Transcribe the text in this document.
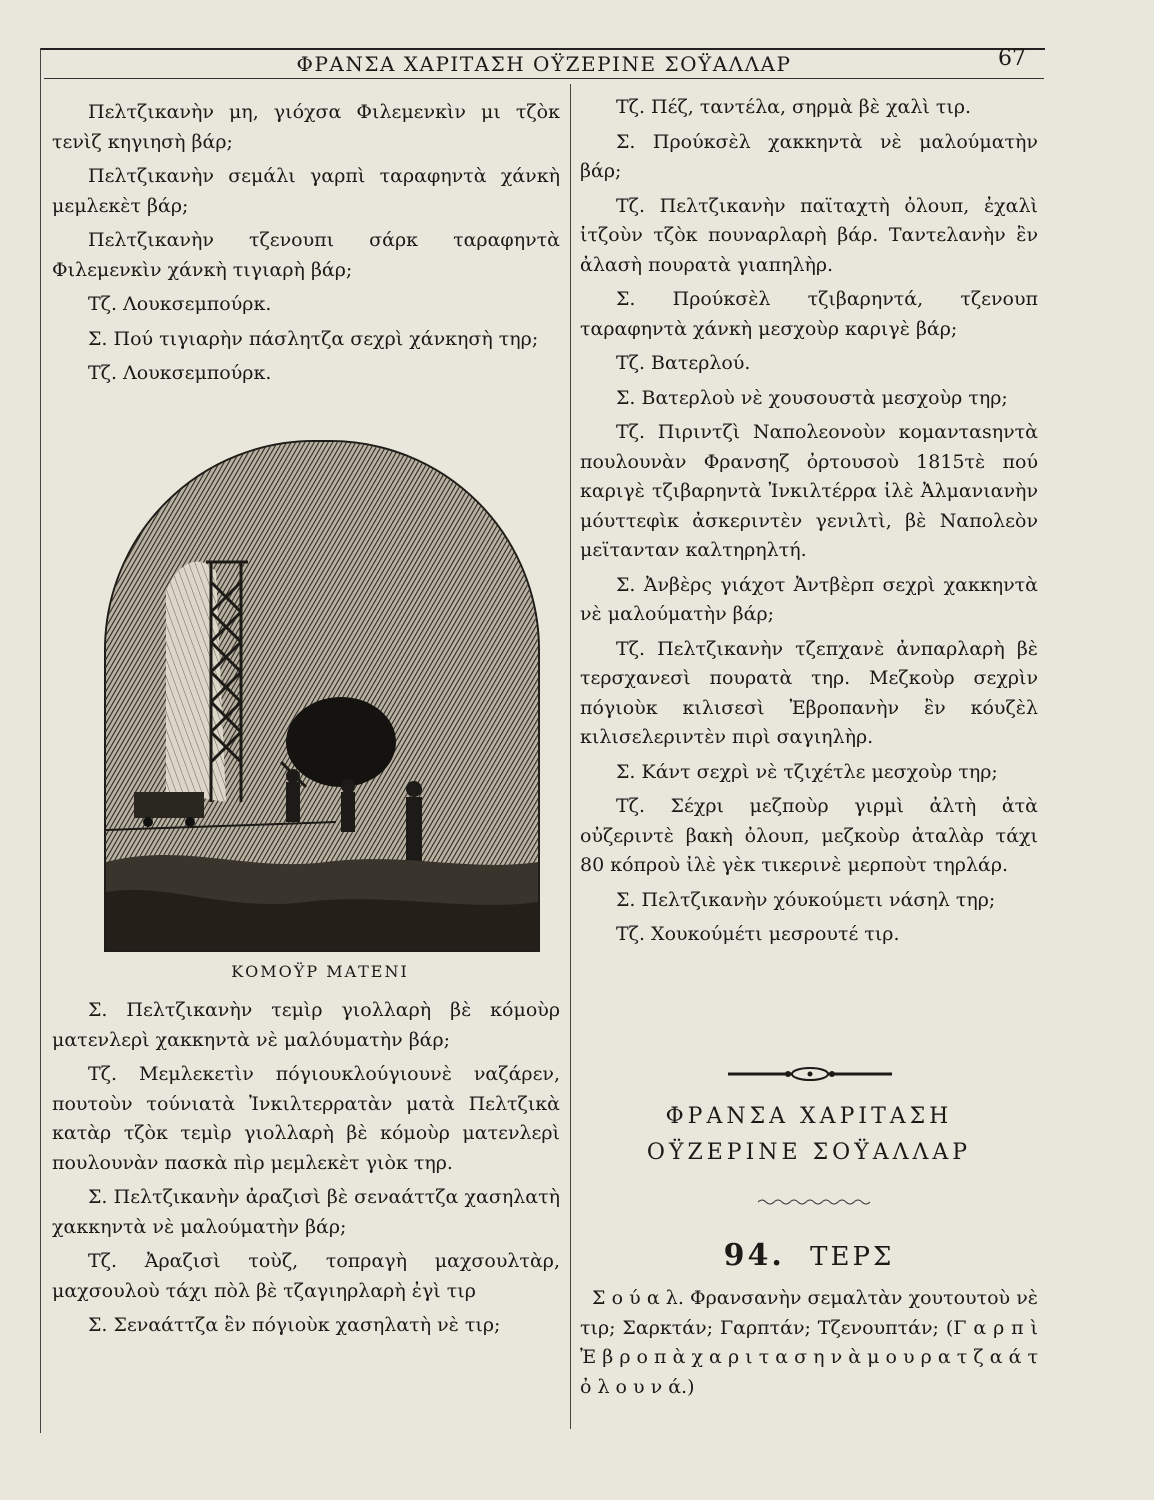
ΦΡΑΝΣΑ ΧΑΡΙΤΑΣΗ ΟΫΖΕΡΙΝΕ ΣΟΫΑΛΛΑΡ	67

Πελτζικανὴν μη, γιόχσα Φιλεμενκὶν μι τζὸκ τενὶζ κηγιησὴ βάρ;

Πελτζικανὴν σεμάλι γαρπὶ ταραφηντὰ χάνκὴ μεμλεκὲτ βάρ;

Πελτζικανὴν τζενουπι σάρκ ταραφηντὰ Φιλεμενκὶν χάνκὴ τιγιαρὴ βάρ;

Τζ. Λουκσεμπούρκ.

Σ. Πού τιγιαρὴν πάσλητζα σεχρὶ χάνκησὴ τηρ;

Τζ. Λουκσεμπούρκ.

ΚΟΜΟΫΡ ΜΑΤΕΝΙ

Σ. Πελτζικανὴν τεμὶρ γιολλαρὴ βὲ κόμοὺρ ματενλερὶ χακκηντὰ νὲ μαλόυματὴν βάρ;

Τζ. Μεμλεκετὶν πόγιουκλούγιουνὲ ναζάρεν, πουτοὺν τούνιατὰ Ἰνκιλτερρατὰν ματὰ Πελτζικὰ κατὰρ τζὸκ τεμὶρ γιολλαρὴ βὲ κόμοὺρ ματενλερὶ πουλουνὰν πασκὰ πὶρ μεμλεκὲτ γιὸκ τηρ.

Σ. Πελτζικανὴν ἀραζισὶ βὲ σεναάττζα χασηλατὴ χακκηντὰ νὲ μαλούματὴν βάρ;

Τζ. Ἀραζισὶ τοὺζ, τοπραγὴ μαχσουλτὰρ, μαχσουλοὺ τάχι πὸλ βὲ τζαγιηρλαρὴ ἐγὶ τιρ

Σ. Σεναάττζα ἒν πόγιοὺκ χασηλατὴ νὲ τιρ;

Τζ. Πέζ, ταντέλα, σηρμὰ βὲ χαλὶ τιρ.

Σ. Προύκσὲλ χακκηντὰ νὲ μαλούματὴν βάρ;

Τζ. Πελτζικανὴν παϊταχτὴ ὀλουπ, ἐχαλὶ ἰτζοὺν τζὸκ πουναρλαρὴ βάρ. Ταντελανὴν ἒν ἀλασὴ πουρατὰ γιαπηλὴρ.

Σ. Προύκσὲλ τζιβαρηντά, τζενουπ ταραφηντὰ χάνκὴ μεσχοὺρ καριγὲ βάρ;

Τζ. Βατερλού.

Σ. Βατερλοὺ νὲ χουσουστὰ μεσχοὺρ τηρ;

Τζ. Πιριντζὶ Ναπολεονοὺν κομανταsηντὰ πουλουνὰν Φρανσηζ ὀρτουσοὺ 1815τὲ πού καριγὲ τζιβαρηντὰ Ἰνκιλτέρρα ἰλὲ Ἀλμανιανὴν μόυττεφὶκ ἀσκεριντὲν γενιλτὶ, βὲ Ναπολεὸν μεϊτανταν καλτηρηλτή.

Σ. Ἀνβὲρς γιάχοτ Ἀντβὲρπ σεχρὶ χακκηντὰ νὲ μαλούματὴν βάρ;

Τζ. Πελτζικανὴν τζεπχανὲ ἀνπαρλαρὴ βὲ τερσχανεσὶ πουρατὰ τηρ. Μεζκοὺρ σεχρὶν πόγιοὺκ κιλισεσὶ Ἐβροπανὴν ἒν κόυζὲλ κιλισελεριντὲν πιρὶ σαγιηλὴρ.

Σ. Κάντ σεχρὶ νὲ τζιχέτλε μεσχοὺρ τηρ;

Τζ. Σέχρι μεζποὺρ γιρμὶ ἀλτὴ ἀτὰ οὐζεριντὲ βακὴ ὀλουπ, μεζκοὺρ ἀταλὰρ τάχι 80 κόπροὺ ἰλὲ γὲκ τικερινὲ μερποὺτ τηρλάρ.

Σ. Πελτζικανὴν χόυκούμετι νάσηλ τηρ;

Τζ. Χουκούμέτι μεσρουτέ τιρ.

ΦΡΑΝΣΑ ΧΑΡΙΤΑΣΗ
ΟΫΖΕΡΙΝΕ ΣΟΫΑΛΛΑΡ
94. ΤΕΡΣ
Σ ο ύ α λ. Φρανσανὴν σεμαλτὰν χουτουτοὺ νὲ τιρ; Σαρκτάν; Γαρπτάν; Τζενουπτάν; (Γ α ρ π ὶ Ἐ β ρ ο π ὰ χ α ρ ι τ α σ η ν ὰ μ ο υ ρ α τ ζ α ά τ ὀ λ ο υ ν ά.)
